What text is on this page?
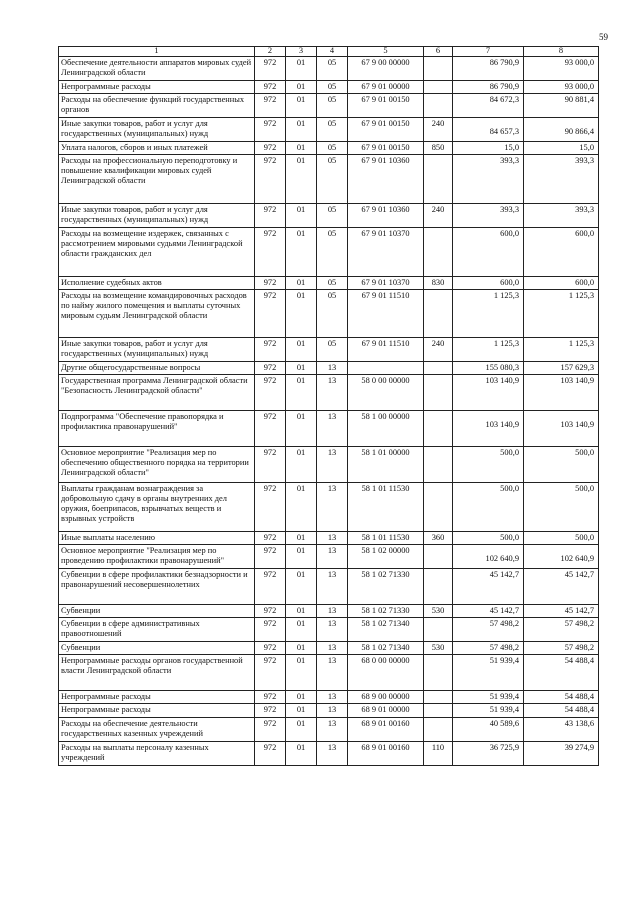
59
1	2	3	4	5	6	7	8
Обеспечение деятельности аппаратов мировых судей Ленинградской области	972	01	05	67 9 00 00000		86 790,9	93 000,0
Непрограммные расходы	972	01	05	67 9 01 00000		86 790,9	93 000,0
Расходы на обеспечение функций государственных органов	972	01	05	67 9 01 00150		84 672,3	90 881,4
Иные закупки товаров, работ и услуг для государственных (муниципальных) нужд	972	01	05	67 9 01 00150	240	84 657,3	90 866,4

Уплата налогов, сборов и иных платежей	972	01	05	67 9 01 00150	850	15,0	15,0
Расходы на профессиональную переподготовку и повышение квалификации мировых судей Ленинградской области	972	01	05	67 9 01 10360		393,3	393,3
Иные закупки товаров, работ и услуг для государственных (муниципальных) нужд	972	01	05	67 9 01 10360	240	393,3	393,3
Расходы на возмещение издержек, связанных с рассмотрением мировыми судьями Ленинградской области гражданских дел	972	01	05	67 9 01 10370		600,0	600,0
Исполнение судебных актов	972	01	05	67 9 01 10370	830	600,0	600,0
Расходы на возмещение командировочных расходов по найму жилого помещения и выплаты суточных мировым судьям Ленинградской области	972	01	05	67 9 01 11510		1 125,3	1 125,3
Иные закупки товаров, работ и услуг для государственных (муниципальных) нужд	972	01	05	67 9 01 11510	240	1 125,3	1 125,3
Другие общегосударственные вопросы	972	01	13			155 080,3	157 629,3
Государственная программа Ленинградской области "Безопасность Ленинградской области"	972	01	13	58 0 00 00000		103 140,9	103 140,9
Подпрограмма "Обеспечение правопорядка и профилактика правонарушений"	972	01	13	58 1 00 00000		103 140,9	103 140,9

Основное мероприятие "Реализация мер по обеспечению общественного порядка на территории Ленинградской области"	972	01	13	58 1 01 00000		500,0	500,0
Выплаты гражданам вознаграждения за добровольную сдачу в органы внутренних дел оружия, боеприпасов, взрывчатых веществ и взрывных устройств	972	01	13	58 1 01 11530		500,0	500,0
Иные выплаты населению	972	01	13	58 1 01 11530	360	500,0	500,0
Основное мероприятие "Реализация мер по проведению профилактики правонарушений"	972	01	13	58 1 02 00000		102 640,9	102 640,9

Субвенции в сфере профилактики безнадзорности и правонарушений несовершеннолетних	972	01	13	58 1 02 71330		45 142,7	45 142,7
Субвенции	972	01	13	58 1 02 71330	530	45 142,7	45 142,7
Субвенции в сфере административных правоотношений	972	01	13	58 1 02 71340		57 498,2	57 498,2
Субвенции	972	01	13	58 1 02 71340	530	57 498,2	57 498,2
Непрограммные расходы органов государственной власти Ленинградской области	972	01	13	68 0 00 00000		51 939,4	54 488,4
Непрограммные расходы	972	01	13	68 9 00 00000		51 939,4	54 488,4
Непрограммные расходы	972	01	13	68 9 01 00000		51 939,4	54 488,4
Расходы на обеспечение деятельности государственных казенных учреждений	972	01	13	68 9 01 00160		40 589,6	43 138,6
Расходы на выплаты персоналу казенных учреждений	972	01	13	68 9 01 00160	110	36 725,9	39 274,9
